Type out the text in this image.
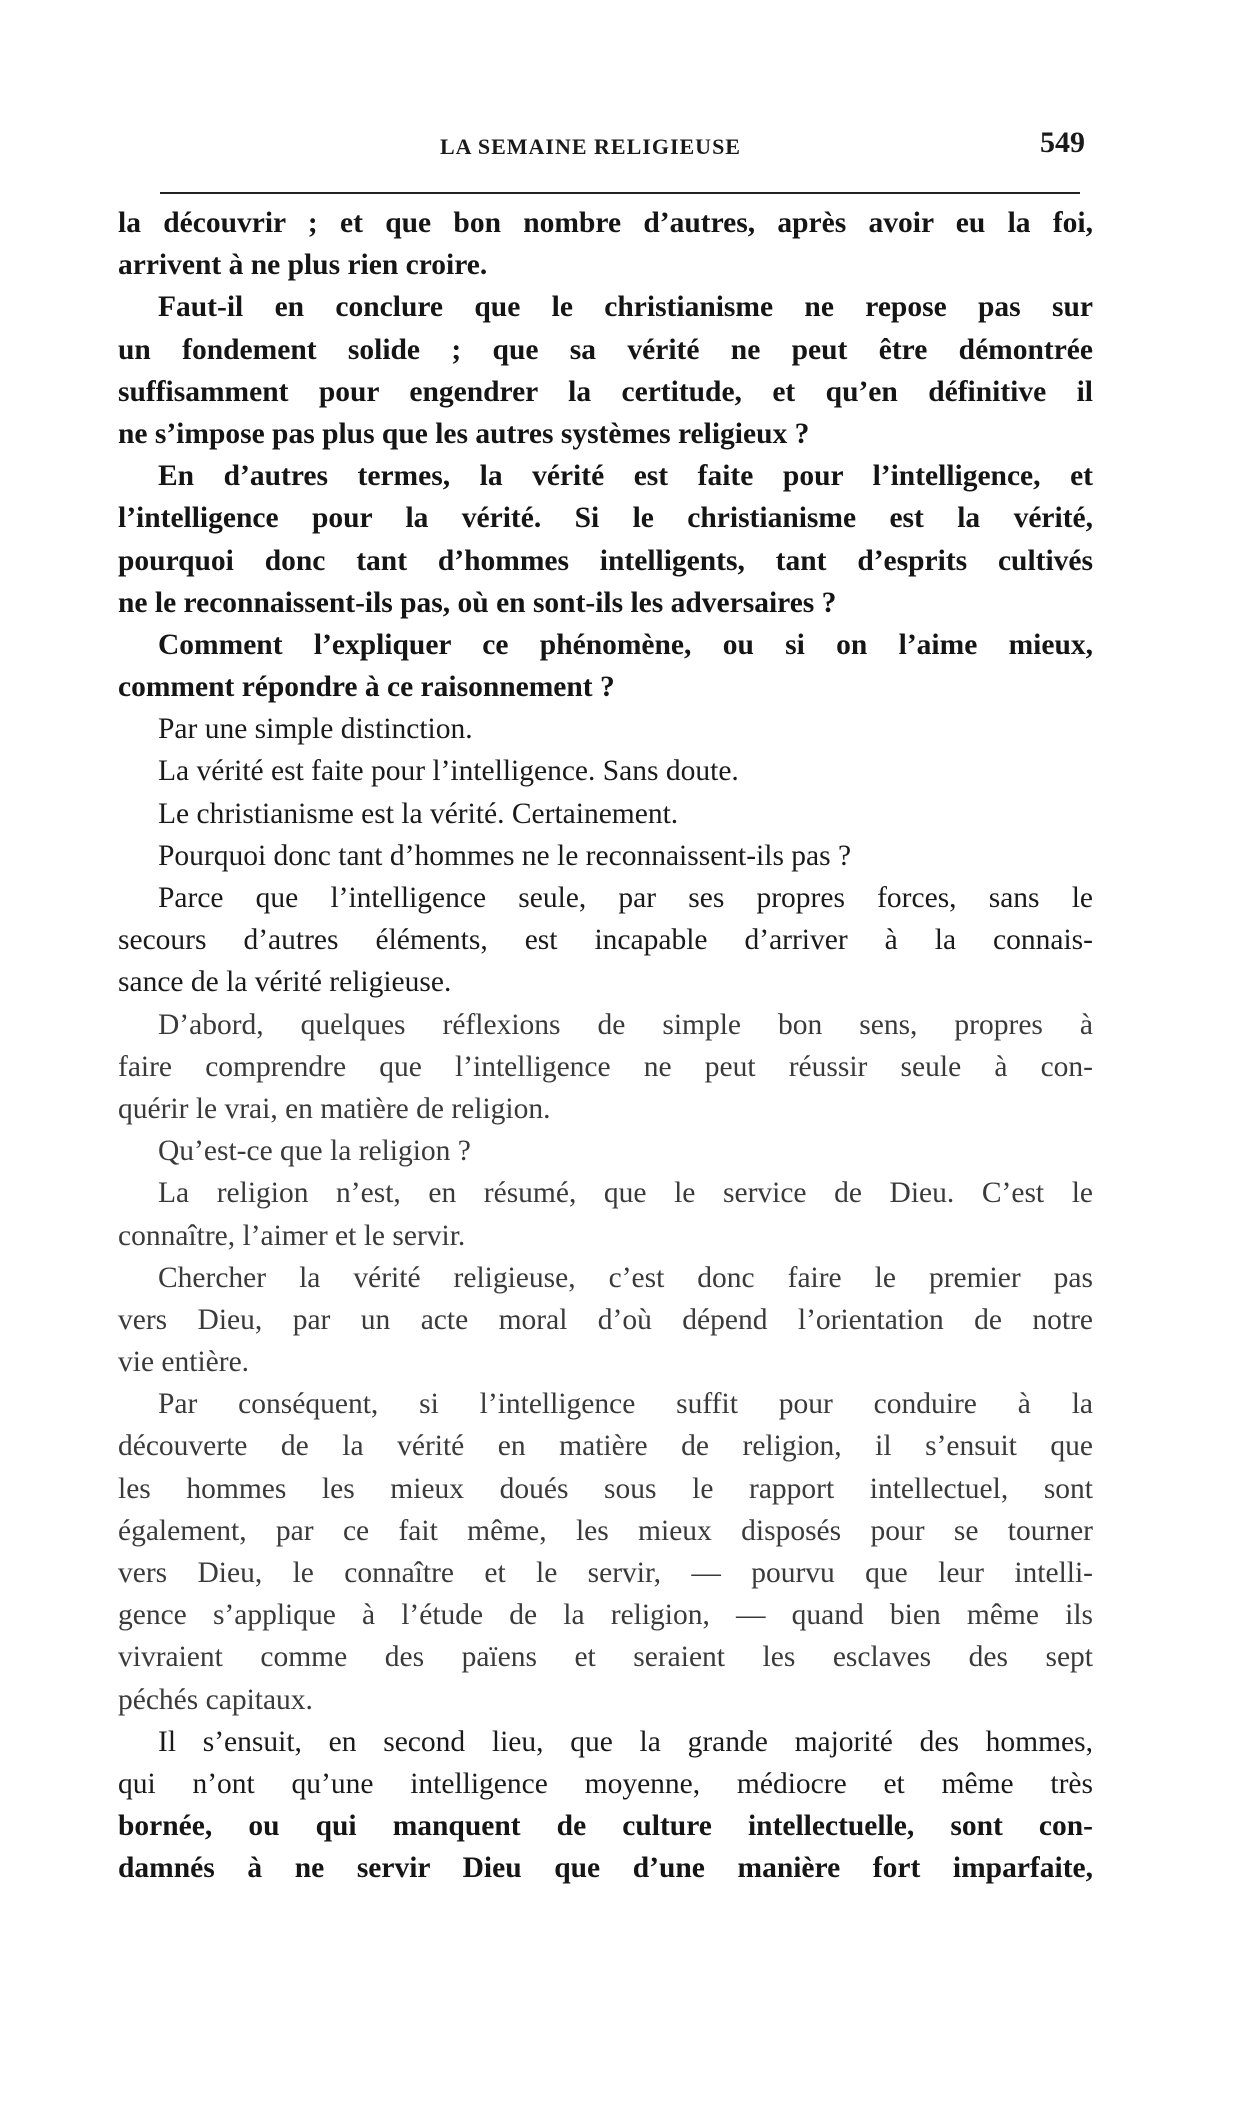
LA SEMAINE RELIGIEUSE	549
la découvrir ; et que bon nombre d’autres, après avoir eu la foi,
arrivent à ne plus rien croire.
Faut-il en conclure que le christianisme ne repose pas sur
un fondement solide ; que sa vérité ne peut être démontrée
suffisamment pour engendrer la certitude, et qu’en définitive il
ne s’impose pas plus que les autres systèmes religieux ?
En d’autres termes, la vérité est faite pour l’intelligence, et
l’intelligence pour la vérité. Si le christianisme est la vérité,
pourquoi donc tant d’hommes intelligents, tant d’esprits cultivés
ne le reconnaissent-ils pas, où en sont-ils les adversaires ?
Comment l’expliquer ce phénomène, ou si on l’aime mieux,
comment répondre à ce raisonnement ?
Par une simple distinction.
La vérité est faite pour l’intelligence. Sans doute.
Le christianisme est la vérité. Certainement.
Pourquoi donc tant d’hommes ne le reconnaissent-ils pas ?
Parce que l’intelligence seule, par ses propres forces, sans le
secours d’autres éléments, est incapable d’arriver à la connais-
sance de la vérité religieuse.
D’abord, quelques réflexions de simple bon sens, propres à
faire comprendre que l’intelligence ne peut réussir seule à con-
quérir le vrai, en matière de religion.
Qu’est-ce que la religion ?
La religion n’est, en résumé, que le service de Dieu. C’est le
connaître, l’aimer et le servir.
Chercher la vérité religieuse, c’est donc faire le premier pas
vers Dieu, par un acte moral d’où dépend l’orientation de notre
vie entière.
Par conséquent, si l’intelligence suffit pour conduire à la
découverte de la vérité en matière de religion, il s’ensuit que
les hommes les mieux doués sous le rapport intellectuel, sont
également, par ce fait même, les mieux disposés pour se tourner
vers Dieu, le connaître et le servir, — pourvu que leur intelli-
gence s’applique à l’étude de la religion, — quand bien même ils
vivraient comme des païens et seraient les esclaves des sept
péchés capitaux.
Il s’ensuit, en second lieu, que la grande majorité des hommes,
qui n’ont qu’une intelligence moyenne, médiocre et même très
bornée, ou qui manquent de culture intellectuelle, sont con-
damnés à ne servir Dieu que d’une manière fort imparfaite,
